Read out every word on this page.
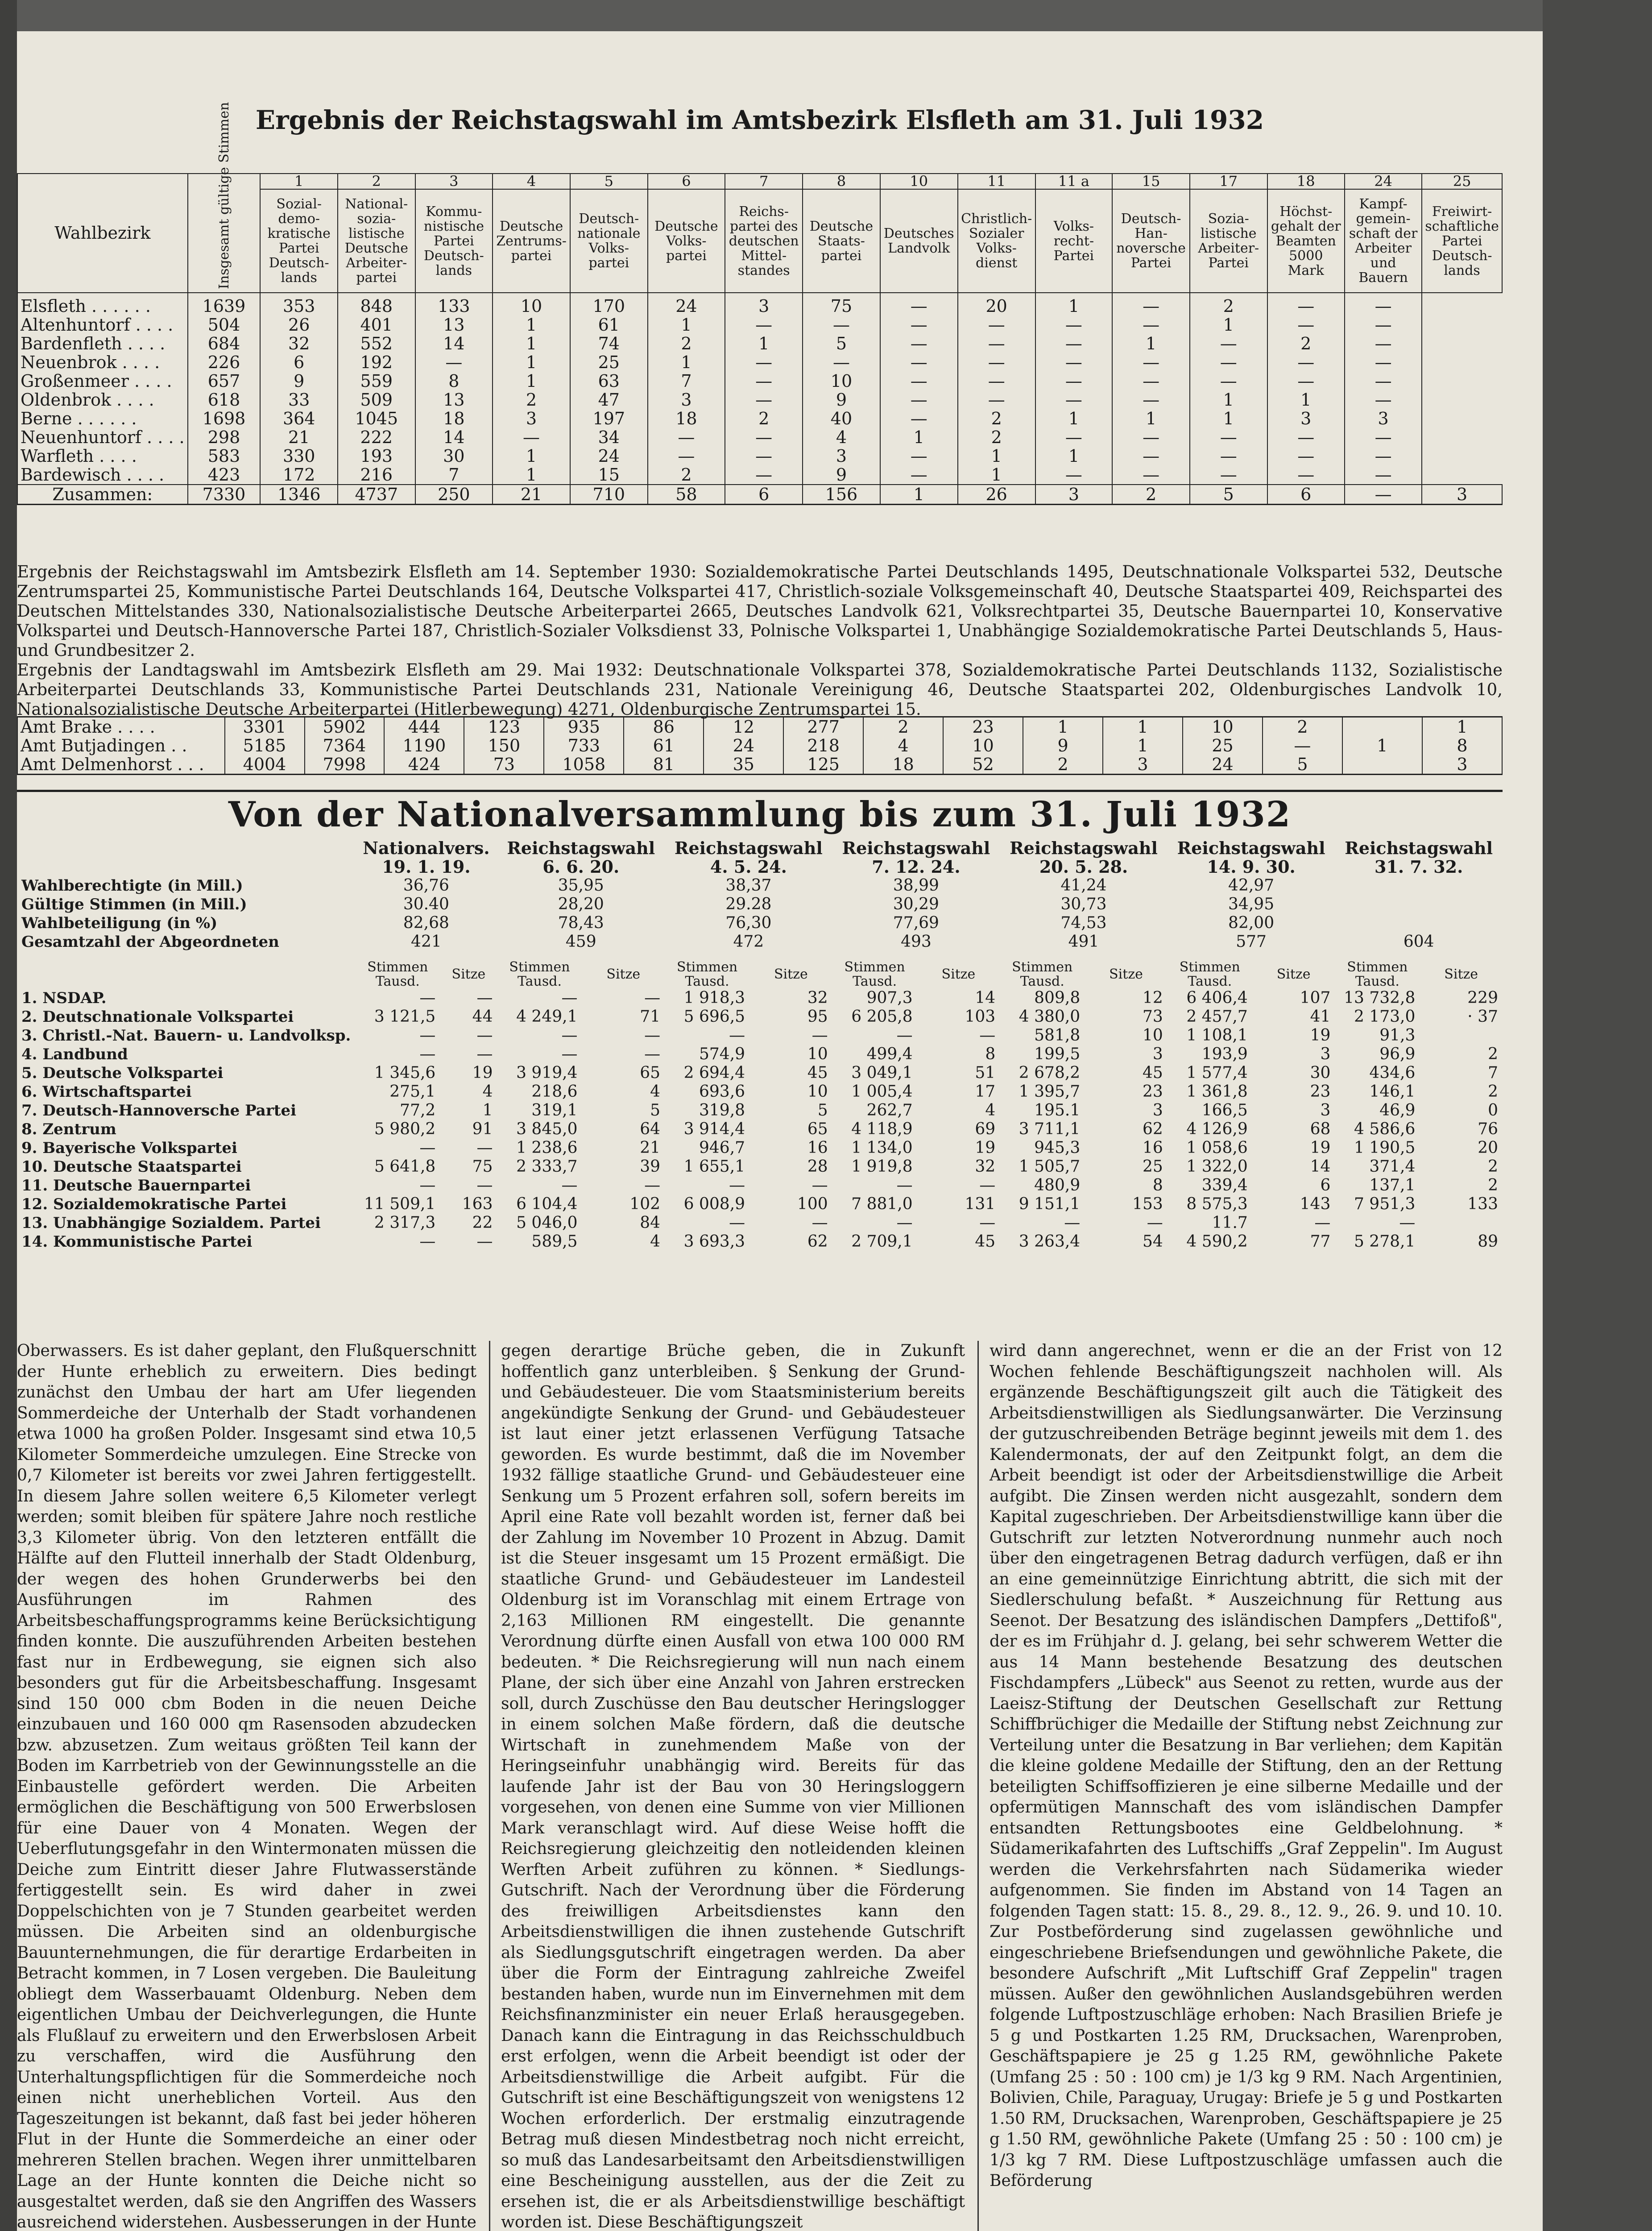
Ergebnis der Reichstagswahl im Amtsbezirk Elsfleth am 31. Juli 1932
Wahlbezirk	Insgesamt gültige Stimmen	1	2	3	4	5	6	7	8	10	11	11 a	15	17	18	24	25
		Sozial-demo-kratische Partei Deutsch-lands	National-sozia-listische Deutsche Arbeiter-partei	Kommu-nistische Partei Deutsch-lands	Deutsche Zentrums-partei	Deutsch-nationale Volks-partei	Deutsche Volks-partei	Reichs-partei des deutschen Mittel-standes	Deutsche Staats-partei	Deutsches Landvolk	Christlich-Sozialer Volks-dienst	Volks-recht-Partei	Deutsch-Han-noversche Partei	Sozia-listische Arbeiter-Partei	Höchst-gehalt der Beamten 5000 Mark	Kampf-gemein-schaft der Arbeiter und Bauern	Freiwirt-schaftliche Partei Deutsch-lands
Elsfleth . . . . . .	1639	353	848	133	10	170	24	3	75	—	20	1	—	2	—	—	
Altenhuntorf . . . .	504	26	401	13	1	61	1	—	—	—	—	—	—	1	—	—	
Bardenfleth . . . .	684	32	552	14	1	74	2	1	5	—	—	—	1	—	2	—	
Neuenbrok . . . .	226	6	192	—	1	25	1	—	—	—	—	—	—	—	—	—	
Großenmeer . . . .	657	9	559	8	1	63	7	—	10	—	—	—	—	—	—	—	
Oldenbrok . . . .	618	33	509	13	2	47	3	—	9	—	—	—	—	1	1	—	
Berne . . . . . .	1698	364	1045	18	3	197	18	2	40	—	2	1	1	1	3	3	
Neuenhuntorf . . . .	298	21	222	14	—	34	—	—	4	1	2	—	—	—	—	—	
Warfleth . . . .	583	330	193	30	1	24	—	—	3	—	1	1	—	—	—	—	
Bardewisch . . . .	423	172	216	7	1	15	2	—	9	—	1	—	—	—	—	—	
Zusammen:	7330	1346	4737	250	21	710	58	6	156	1	26	3	2	5	6	—	3

Ergebnis der Reichstagswahl im Amtsbezirk Elsfleth am 14. September 1930: Sozialdemokratische Partei Deutschlands 1495, Deutschnationale Volkspartei 532, Deutsche Zentrumspartei 25, Kommunistische Partei Deutschlands 164, Deutsche Volkspartei 417, Christlich-soziale Volksgemeinschaft 40, Deutsche Staatspartei 409, Reichspartei des Deutschen Mittelstandes 330, Nationalsozialistische Deutsche Arbeiterpartei 2665, Deutsches Landvolk 621, Volksrechtpartei 35, Deutsche Bauernpartei 10, Konservative Volkspartei und Deutsch-Hannoversche Partei 187, Christlich-Sozialer Volksdienst 33, Polnische Volkspartei 1, Unabhängige Sozialdemokratische Partei Deutschlands 5, Haus- und Grundbesitzer 2.

Ergebnis der Landtagswahl im Amtsbezirk Elsfleth am 29. Mai 1932: Deutschnationale Volkspartei 378, Sozialdemokratische Partei Deutschlands 1132, Sozialistische Arbeiterpartei Deutschlands 33, Kommunistische Partei Deutschlands 231, Nationale Vereinigung 46, Deutsche Staatspartei 202, Oldenburgisches Landvolk 10, Nationalsozialistische Deutsche Arbeiterpartei (Hitlerbewegung) 4271, Oldenburgische Zentrumspartei 15.

Amt Brake . . . .	3301	5902	444	123	935	86	12	277	2	23	1	1	10	2		1
Amt Butjadingen . .	5185	7364	1190	150	733	61	24	218	4	10	9	1	25	—	1	8
Amt Delmenhorst . . .	4004	7998	424	73	1058	81	35	125	18	52	2	3	24	5		3
Von der Nationalversammlung bis zum 31. Juli 1932
	Nationalvers.		Reichstagswahl		Reichstagswahl		Reichstagswahl		Reichstagswahl		Reichstagswahl		Reichstagswahl	
	19. 1. 19.		6. 6. 20.		4. 5. 24.		7. 12. 24.		20. 5. 28.		14. 9. 30.		31. 7. 32.	
Wahlberechtigte (in Mill.)	36,76		35,95		38,37		38,99		41,24		42,97			
Gültige Stimmen (in Mill.)	30.40		28,20		29.28		30,29		30,73		34,95			
Wahlbeteiligung (in %)	82,68		78,43		76,30		77,69		74,53		82,00			
Gesamtzahl der Abgeordneten	421		459		472		493		491		577		604	
	Stimmen Tausd.	Sitze	Stimmen Tausd.	Sitze	Stimmen Tausd.	Sitze	Stimmen Tausd.	Sitze	Stimmen Tausd.	Sitze	Stimmen Tausd.	Sitze	Stimmen Tausd.	Sitze
1. NSDAP.	—	—	—	—	1 918,3	32	907,3	14	809,8	12	6 406,4	107	13 732,8	229
2. Deutschnationale Volkspartei	3 121,5	44	4 249,1	71	5 696,5	95	6 205,8	103	4 380,0	73	2 457,7	41	2 173,0	· 37
3. Christl.-Nat. Bauern- u. Landvolksp.	—	—	—	—	—	—	—	—	581,8	10	1 108,1	19	91,3	
4. Landbund	—	—	—	—	574,9	10	499,4	8	199,5	3	193,9	3	96,9	2
5. Deutsche Volkspartei	1 345,6	19	3 919,4	65	2 694,4	45	3 049,1	51	2 678,2	45	1 577,4	30	434,6	7
6. Wirtschaftspartei	275,1	4	218,6	4	693,6	10	1 005,4	17	1 395,7	23	1 361,8	23	146,1	2
7. Deutsch-Hannoversche Partei	77,2	1	319,1	5	319,8	5	262,7	4	195.1	3	166,5	3	46,9	0
8. Zentrum	5 980,2	91	3 845,0	64	3 914,4	65	4 118,9	69	3 711,1	62	4 126,9	68	4 586,6	76
9. Bayerische Volkspartei	—	—	1 238,6	21	946,7	16	1 134,0	19	945,3	16	1 058,6	19	1 190,5	20
10. Deutsche Staatspartei	5 641,8	75	2 333,7	39	1 655,1	28	1 919,8	32	1 505,7	25	1 322,0	14	371,4	2
11. Deutsche Bauernpartei	—	—	—	—	—	—	—	—	480,9	8	339,4	6	137,1	2
12. Sozialdemokratische Partei	11 509,1	163	6 104,4	102	6 008,9	100	7 881,0	131	9 151,1	153	8 575,3	143	7 951,3	133
13. Unabhängige Sozialdem. Partei	2 317,3	22	5 046,0	84	—	—	—	—	—	—	11.7	—	—	
14. Kommunistische Partei	—	—	589,5	4	3 693,3	62	2 709,1	45	3 263,4	54	4 590,2	77	5 278,1	89

Oberwassers. Es ist daher geplant, den Flußquerschnitt der Hunte erheblich zu erweitern. Dies bedingt zunächst den Umbau der hart am Ufer liegenden Sommerdeiche der Unterhalb der Stadt vorhandenen etwa 1000 ha großen Polder. Insgesamt sind etwa 10,5 Kilometer Sommerdeiche umzulegen. Eine Strecke von 0,7 Kilometer ist bereits vor zwei Jahren fertiggestellt. In diesem Jahre sollen weitere 6,5 Kilometer verlegt werden; somit bleiben für spätere Jahre noch restliche 3,3 Kilometer übrig. Von den letzteren entfällt die Hälfte auf den Flutteil innerhalb der Stadt Oldenburg, der wegen des hohen Grunderwerbs bei den Ausführungen im Rahmen des Arbeitsbeschaffungsprogramms keine Berücksichtigung finden konnte. Die auszuführenden Arbeiten bestehen fast nur in Erdbewegung, sie eignen sich also besonders gut für die Arbeitsbeschaffung. Insgesamt sind 150 000 cbm Boden in die neuen Deiche einzubauen und 160 000 qm Rasensoden abzudecken bzw. abzusetzen. Zum weitaus größten Teil kann der Boden im Karrbetrieb von der Gewinnungsstelle an die Einbaustelle gefördert werden. Die Arbeiten ermöglichen die Beschäftigung von 500 Erwerbslosen für eine Dauer von 4 Monaten. Wegen der Ueberflutungsgefahr in den Wintermonaten müssen die Deiche zum Eintritt dieser Jahre Flutwasserstände fertiggestellt sein. Es wird daher in zwei Doppelschichten von je 7 Stunden gearbeitet werden müssen. Die Arbeiten sind an oldenburgische Bauunternehmungen, die für derartige Erdarbeiten in Betracht kommen, in 7 Losen vergeben. Die Bauleitung obliegt dem Wasserbauamt Oldenburg. Neben dem eigentlichen Umbau der Deichverlegungen, die Hunte als Flußlauf zu erweitern und den Erwerbslosen Arbeit zu verschaffen, wird die Ausführung den Unterhaltungspflichtigen für die Sommerdeiche noch einen nicht unerheblichen Vorteil. Aus den Tageszeitungen ist bekannt, daß fast bei jeder höheren Flut in der Hunte die Sommerdeiche an einer oder mehreren Stellen brachen. Wegen ihrer unmittelbaren Lage an der Hunte konnten die Deiche nicht so ausgestaltet werden, daß sie den Angriffen des Wassers ausreichend widerstehen. Ausbesserungen in der Hunte

gegen derartige Brüche geben, die in Zukunft hoffentlich ganz unterbleiben. § Senkung der Grund- und Gebäudesteuer. Die vom Staatsministerium bereits angekündigte Senkung der Grund- und Gebäudesteuer ist laut einer jetzt erlassenen Verfügung Tatsache geworden. Es wurde bestimmt, daß die im November 1932 fällige staatliche Grund- und Gebäudesteuer eine Senkung um 5 Prozent erfahren soll, sofern bereits im April eine Rate voll bezahlt worden ist, ferner daß bei der Zahlung im November 10 Prozent in Abzug. Damit ist die Steuer insgesamt um 15 Prozent ermäßigt. Die staatliche Grund- und Gebäudesteuer im Landesteil Oldenburg ist im Voranschlag mit einem Ertrage von 2,163 Millionen RM eingestellt. Die genannte Verordnung dürfte einen Ausfall von etwa 100 000 RM bedeuten. * Die Reichsregierung will nun nach einem Plane, der sich über eine Anzahl von Jahren erstrecken soll, durch Zuschüsse den Bau deutscher Heringslogger in einem solchen Maße fördern, daß die deutsche Wirtschaft in zunehmendem Maße von der Heringseinfuhr unabhängig wird. Bereits für das laufende Jahr ist der Bau von 30 Heringsloggern vorgesehen, von denen eine Summe von vier Millionen Mark veranschlagt wird. Auf diese Weise hofft die Reichsregierung gleichzeitig den notleidenden kleinen Werften Arbeit zuführen zu können. * Siedlungs-Gutschrift. Nach der Verordnung über die Förderung des freiwilligen Arbeitsdienstes kann den Arbeitsdienstwilligen die ihnen zustehende Gutschrift als Siedlungsgutschrift eingetragen werden. Da aber über die Form der Eintragung zahlreiche Zweifel bestanden haben, wurde nun im Einvernehmen mit dem Reichsfinanzminister ein neuer Erlaß herausgegeben. Danach kann die Eintragung in das Reichsschuldbuch erst erfolgen, wenn die Arbeit beendigt ist oder der Arbeitsdienstwillige die Arbeit aufgibt. Für die Gutschrift ist eine Beschäftigungszeit von wenigstens 12 Wochen erforderlich. Der erstmalig einzutragende Betrag muß diesen Mindestbetrag noch nicht erreicht, so muß das Landesarbeitsamt den Arbeitsdienstwilligen eine Bescheinigung ausstellen, aus der die Zeit zu ersehen ist, die er als Arbeitsdienstwillige beschäftigt worden ist. Diese Beschäftigungszeit

wird dann angerechnet, wenn er die an der Frist von 12 Wochen fehlende Beschäftigungszeit nachholen will. Als ergänzende Beschäftigungszeit gilt auch die Tätigkeit des Arbeitsdienstwilligen als Siedlungsanwärter. Die Verzinsung der gutzuschreibenden Beträge beginnt jeweils mit dem 1. des Kalendermonats, der auf den Zeitpunkt folgt, an dem die Arbeit beendigt ist oder der Arbeitsdienstwillige die Arbeit aufgibt. Die Zinsen werden nicht ausgezahlt, sondern dem Kapital zugeschrieben. Der Arbeitsdienstwillige kann über die Gutschrift zur letzten Notverordnung nunmehr auch noch über den eingetragenen Betrag dadurch verfügen, daß er ihn an eine gemeinnützige Einrichtung abtritt, die sich mit der Siedlerschulung befaßt. * Auszeichnung für Rettung aus Seenot. Der Besatzung des isländischen Dampfers „Dettifoß", der es im Frühjahr d. J. gelang, bei sehr schwerem Wetter die aus 14 Mann bestehende Besatzung des deutschen Fischdampfers „Lübeck" aus Seenot zu retten, wurde aus der Laeisz-Stiftung der Deutschen Gesellschaft zur Rettung Schiffbrüchiger die Medaille der Stiftung nebst Zeichnung zur Verteilung unter die Besatzung in Bar verliehen; dem Kapitän die kleine goldene Medaille der Stiftung, den an der Rettung beteiligten Schiffsoffizieren je eine silberne Medaille und der opfermütigen Mannschaft des vom isländischen Dampfer entsandten Rettungsbootes eine Geldbelohnung. * Südamerikafahrten des Luftschiffs „Graf Zeppelin". Im August werden die Verkehrsfahrten nach Südamerika wieder aufgenommen. Sie finden im Abstand von 14 Tagen an folgenden Tagen statt: 15. 8., 29. 8., 12. 9., 26. 9. und 10. 10. Zur Postbeförderung sind zugelassen gewöhnliche und eingeschriebene Briefsendungen und gewöhnliche Pakete, die besondere Aufschrift „Mit Luftschiff Graf Zeppelin" tragen müssen. Außer den gewöhnlichen Auslandsgebühren werden folgende Luftpostzuschläge erhoben: Nach Brasilien Briefe je 5 g und Postkarten 1.25 RM, Drucksachen, Warenproben, Geschäftspapiere je 25 g 1.25 RM, gewöhnliche Pakete (Umfang 25 : 50 : 100 cm) je 1/3 kg 9 RM. Nach Argentinien, Bolivien, Chile, Paraguay, Urugay: Briefe je 5 g und Postkarten 1.50 RM, Drucksachen, Warenproben, Geschäftspapiere je 25 g 1.50 RM, gewöhnliche Pakete (Umfang 25 : 50 : 100 cm) je 1/3 kg 7 RM. Diese Luftpostzuschläge umfassen auch die Beförderung
